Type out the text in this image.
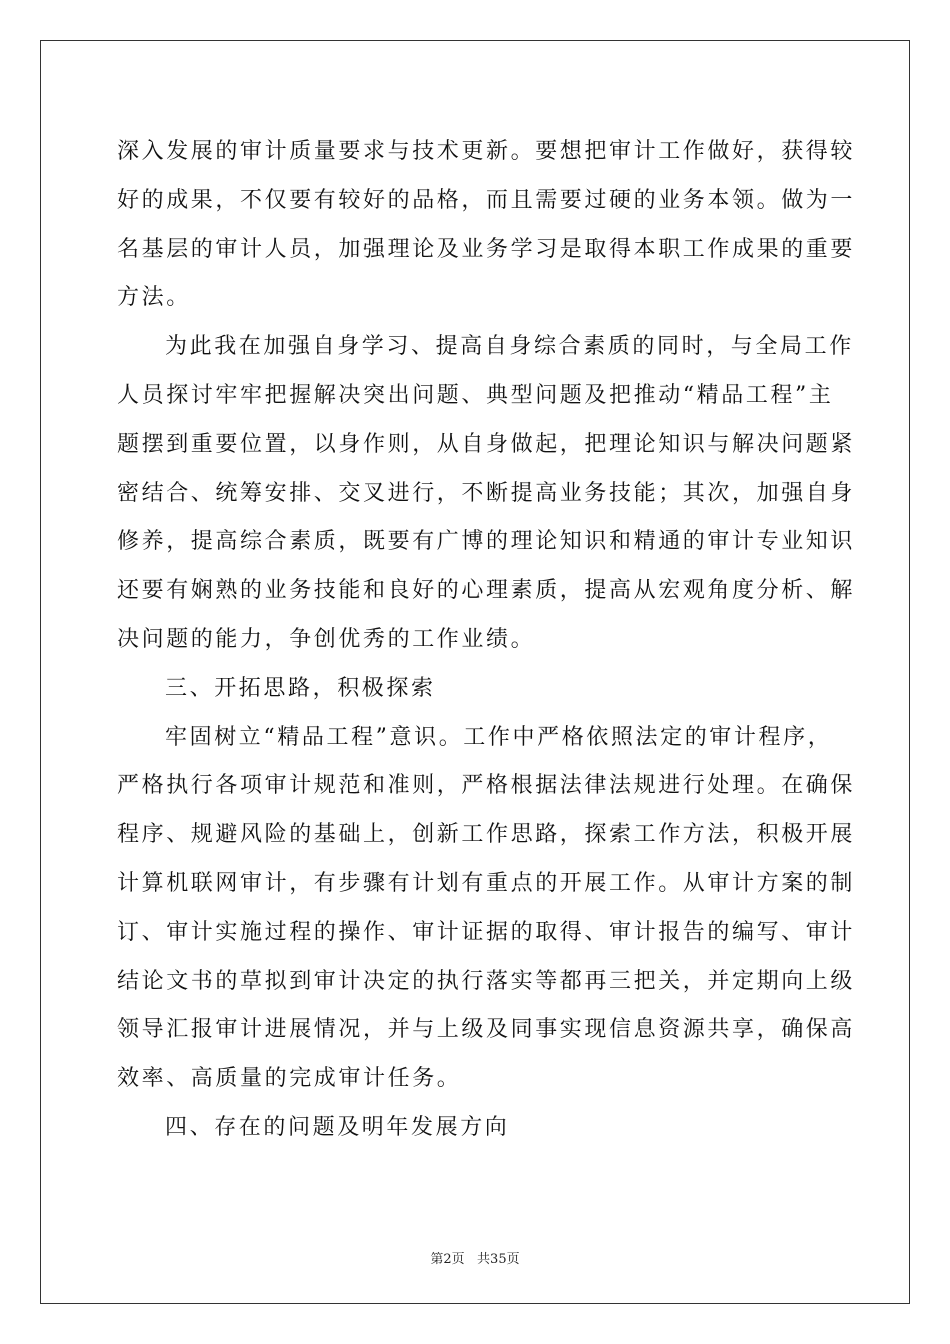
深入发展的审计质量要求与技术更新。要想把审计工作做好，获得较
好的成果，不仅要有较好的品格，而且需要过硬的业务本领。做为一
名基层的审计人员，加强理论及业务学习是取得本职工作成果的重要
方法。
为此我在加强自身学习、提高自身综合素质的同时，与全局工作
人员探讨牢牢把握解决突出问题、典型问题及把推动“精品工程”主
题摆到重要位置，以身作则，从自身做起，把理论知识与解决问题紧
密结合、统筹安排、交叉进行，不断提高业务技能；其次，加强自身
修养，提高综合素质，既要有广博的理论知识和精通的审计专业知识
还要有娴熟的业务技能和良好的心理素质，提高从宏观角度分析、解
决问题的能力，争创优秀的工作业绩。
三、开拓思路，积极探索
牢固树立“精品工程”意识。工作中严格依照法定的审计程序，
严格执行各项审计规范和准则，严格根据法律法规进行处理。在确保
程序、规避风险的基础上，创新工作思路，探索工作方法，积极开展
计算机联网审计，有步骤有计划有重点的开展工作。从审计方案的制
订、审计实施过程的操作、审计证据的取得、审计报告的编写、审计
结论文书的草拟到审计决定的执行落实等都再三把关，并定期向上级
领导汇报审计进展情况，并与上级及同事实现信息资源共享，确保高
效率、高质量的完成审计任务。
四、存在的问题及明年发展方向
第2页   共35页
